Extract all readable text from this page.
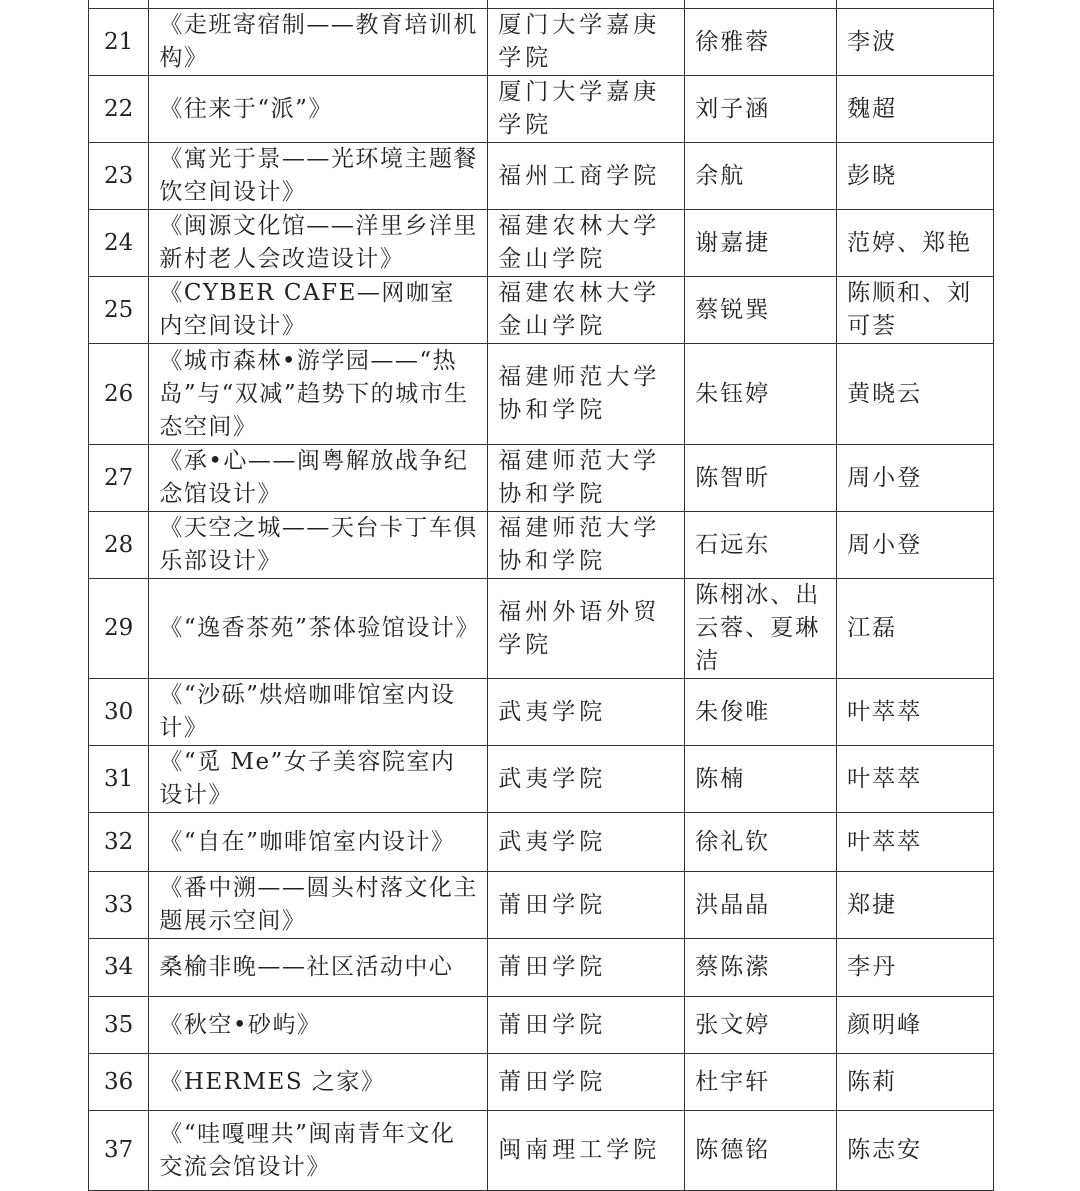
21	《走班寄宿制——教育培训机构》	厦门大学嘉庚学院	徐雅蓉	李波
22	《往来于“派”》	厦门大学嘉庚学院	刘子涵	魏超
23	《寓光于景——光环境主题餐饮空间设计》	福州工商学院	余航	彭晓
24	《闽源文化馆——洋里乡洋里新村老人会改造设计》	福建农林大学金山学院	谢嘉捷	范婷、郑艳
25	《CYBER CAFE—网咖室内空间设计》	福建农林大学金山学院	蔡锐巽	陈顺和、刘可荟
26	《城市森林•游学园——“热岛”与“双减”趋势下的城市生态空间》	福建师范大学协和学院	朱钰婷	黄晓云
27	《承•心——闽粤解放战争纪念馆设计》	福建师范大学协和学院	陈智昕	周小登
28	《天空之城——天台卡丁车俱乐部设计》	福建师范大学协和学院	石远东	周小登
29	《“逸香茶苑”茶体验馆设计》	福州外语外贸学院	陈栩冰、出云蓉、夏琳洁	江磊
30	《“沙砾”烘焙咖啡馆室内设计》	武夷学院	朱俊唯	叶萃萃
31	《“觅 Me”女子美容院室内设计》	武夷学院	陈楠	叶萃萃
32	《“自在”咖啡馆室内设计》	武夷学院	徐礼钦	叶萃萃
33	《番中溯——圆头村落文化主题展示空间》	莆田学院	洪晶晶	郑捷
34	桑榆非晚——社区活动中心	莆田学院	蔡陈潆	李丹
35	《秋空•砂屿》	莆田学院	张文婷	颜明峰
36	《HERMES 之家》	莆田学院	杜宇轩	陈莉
37	《“哇嘎哩共”闽南青年文化交流会馆设计》	闽南理工学院	陈德铭	陈志安
